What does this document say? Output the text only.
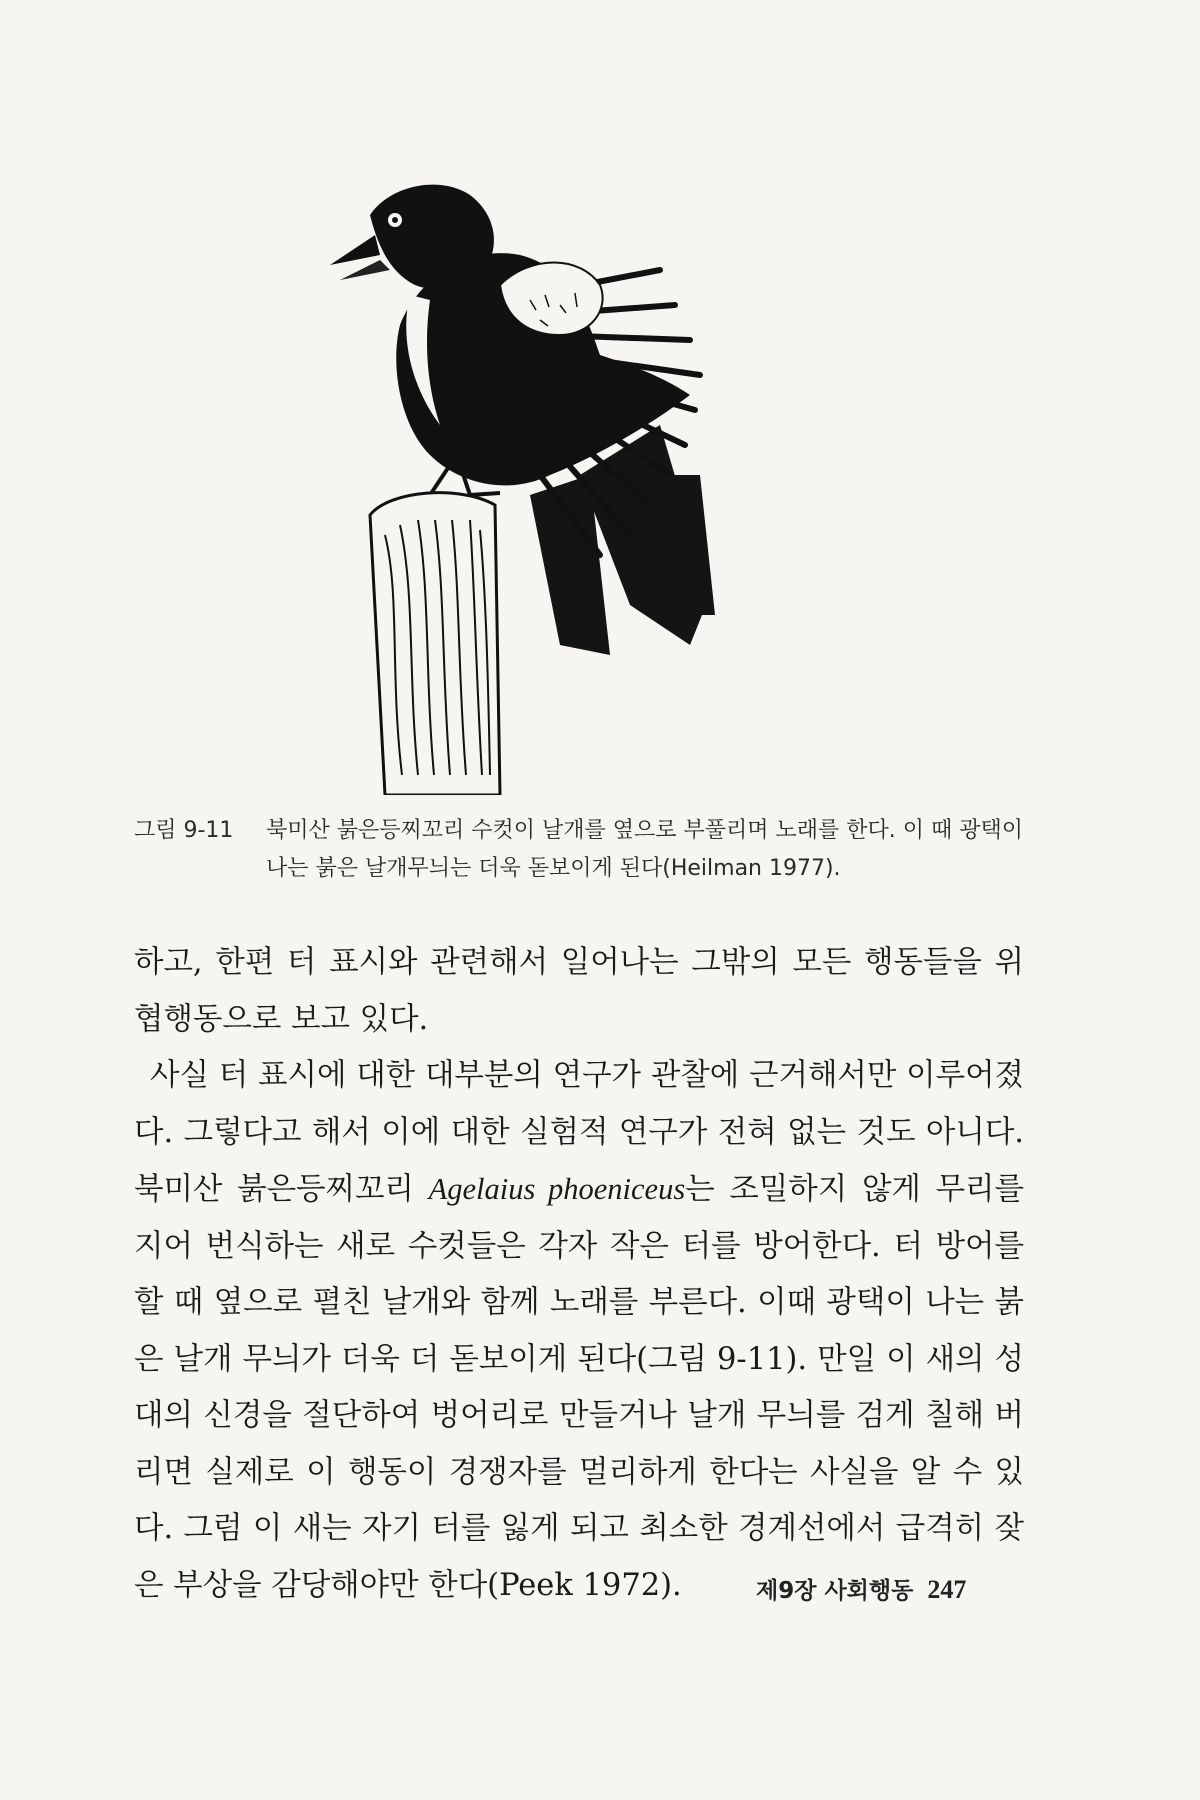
그림 9-11	북미산 붉은등찌꼬리 수컷이 날개를 옆으로 부풀리며 노래를 한다. 이 때 광택이 나는 붉은 날개무늬는 더욱 돋보이게 된다(Heilman 1977).

하고, 한편 터 표시와 관련해서 일어나는 그밖의 모든 행동들을 위협행동으로 보고 있다.

사실 터 표시에 대한 대부분의 연구가 관찰에 근거해서만 이루어졌다. 그렇다고 해서 이에 대한 실험적 연구가 전혀 없는 것도 아니다. 북미산 붉은등찌꼬리 Agelaius phoeniceus는 조밀하지 않게 무리를 지어 번식하는 새로 수컷들은 각자 작은 터를 방어한다. 터 방어를 할 때 옆으로 펼친 날개와 함께 노래를 부른다. 이때 광택이 나는 붉은 날개 무늬가 더욱 더 돋보이게 된다(그림 9-11). 만일 이 새의 성대의 신경을 절단하여 벙어리로 만들거나 날개 무늬를 검게 칠해 버리면 실제로 이 행동이 경쟁자를 멀리하게 한다는 사실을 알 수 있다. 그럼 이 새는 자기 터를 잃게 되고 최소한 경계선에서 급격히 잦은 부상을 감당해야만 한다(Peek 1972).	제9장 사회행동 247
